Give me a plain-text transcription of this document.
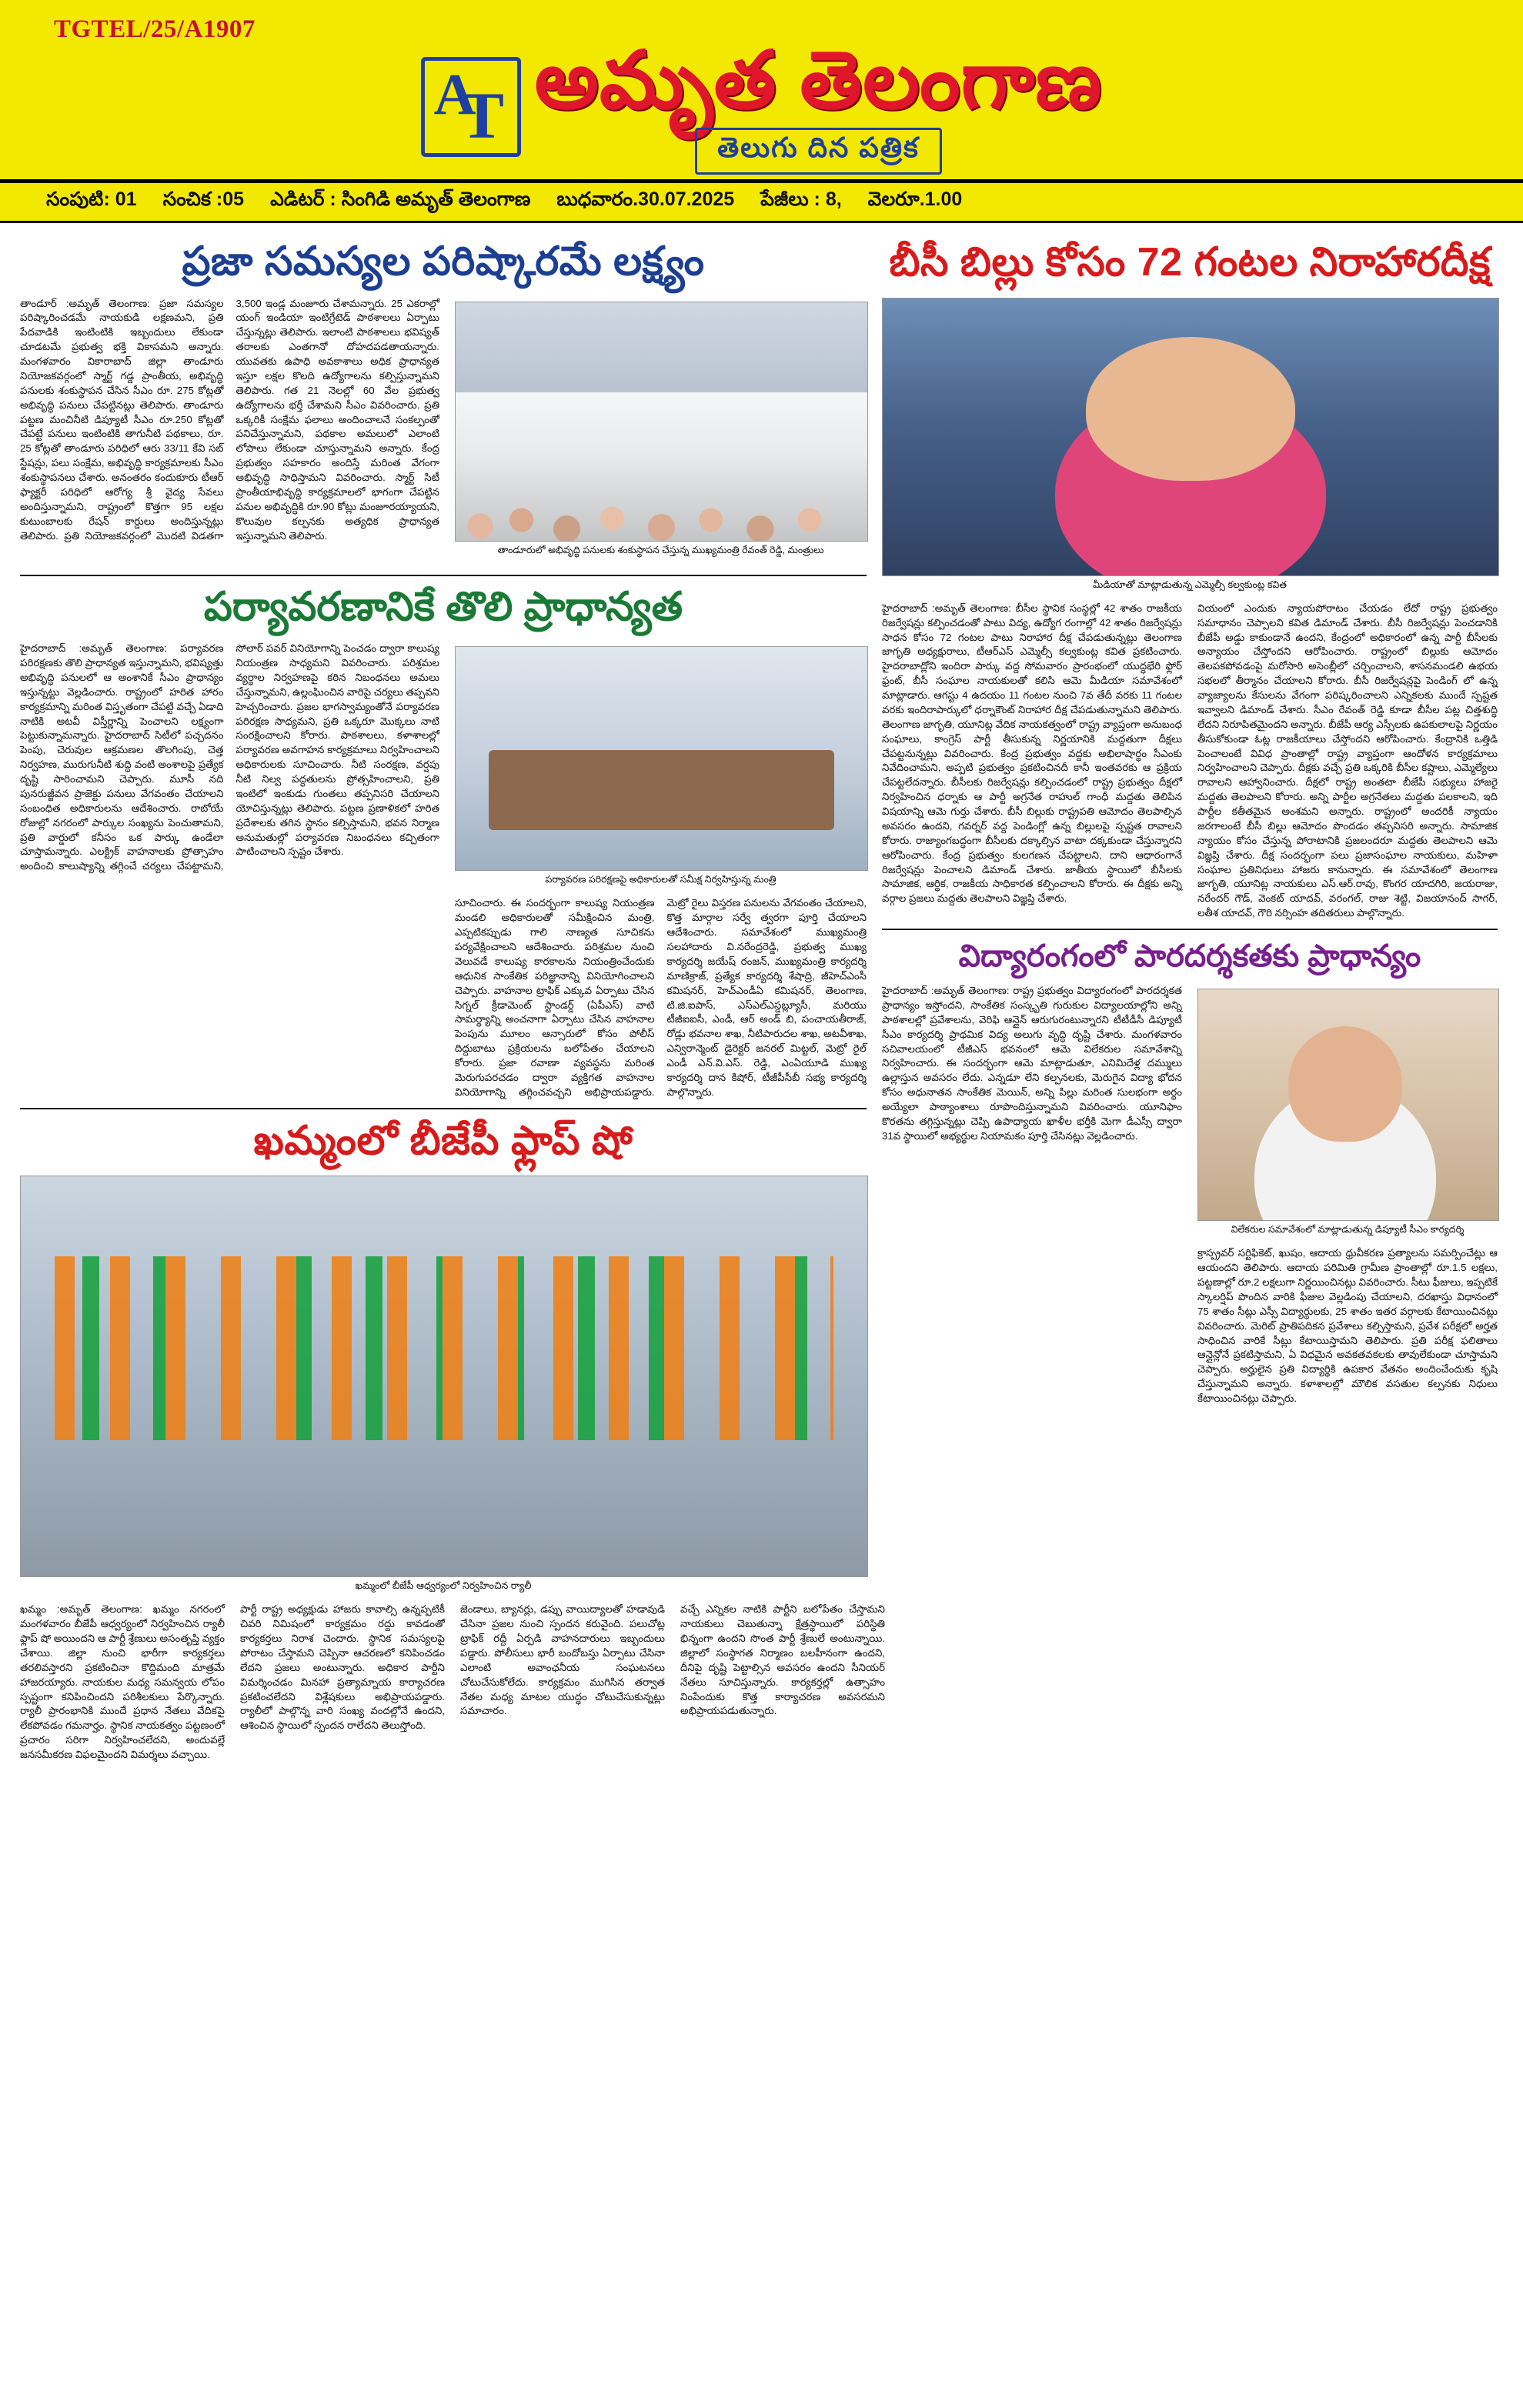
TGTEL/25/A1907
A
T అమృత తెలంగాణ
తెలుగు దిన పత్రిక
సంపుటి: 01 సంచిక :05 ఎడిటర్ : సింగిడి అమృత్ తెలంగాణ బుధవారం.30.07.2025 పేజీలు : 8, వెలరూ.1.00
ప్రజా సమస్యల పరిష్కారమే లక్ష్యం
తాండూర్ :అమృత్ తెలంగాణ: ప్రజా సమస్యల పరిష్కారించడమే నాయకుడి లక్షణమని, ప్రతి పేదవాడికి ఇంటింటికి ఇబ్బందులు లేకుండా చూడటమే ప్రభుత్వ భక్తి వికాసమని అన్నారు. మంగళవారం వికారాబాద్ జిల్లా తాండూరు నియోజకవర్గంలో స్మార్ట్ గడ్డ ప్రాంతీయ, అభివృద్ధి పనులకు శంకుస్థాపన చేసిన సీఎం రూ. 275 కోట్లతో అభివృద్ధి పనులు చేపట్టినట్లు తెలిపారు. తాండూరు పట్టణ మంచినీటి డిప్యూటీ సీఎం రూ.250 కోట్లతో చేపట్టే పనులు ఇంటింటికి తాగునీటి పథకాలు, రూ. 25 కోట్లతో తాండూరు పరిధిలో ఆరు 33/11 కేవి సబ్ స్టేషన్లు, పలు సంక్షేమ, అభివృద్ధి కార్యక్రమాలకు సీఎం శంకుస్థాపనలు చేశారు. అనంతరం కందుకూరు టీఆర్ ఫ్యాక్టరీ పరిధిలో ఆరోగ్య శ్రీ వైద్య సేవలు అందిస్తున్నామని, రాష్ట్రంలో కొత్తగా 95 లక్షల కుటుంబాలకు రేషన్ కార్డులు అందిస్తున్నట్లు తెలిపారు. ప్రతి నియోజకవర్గంలో మొదటి విడతగా 3,500 ఇండ్ల మంజూరు చేశామన్నారు. 25 ఎకరాల్లో యంగ్ ఇండియా ఇంటిగ్రేటెడ్ పాఠశాలలు ఏర్పాటు చేస్తున్నట్లు తెలిపారు. ఇలాంటి పాఠశాలలు భవిష్యత్ తరాలకు ఎంతగానో దోహదపడతాయన్నారు. యువతకు ఉపాధి అవకాశాలు అధిక ప్రాధాన్యత ఇస్తూ లక్షల కొలది ఉద్యోగాలను కల్పిస్తున్నామని తెలిపారు. గత 21 నెలల్లో 60 వేల ప్రభుత్వ ఉద్యోగాలను భర్తీ చేశామని సీఎం వివరించారు. ప్రతి ఒక్కరికీ సంక్షేమ ఫలాలు అందించాలనే సంకల్పంతో పనిచేస్తున్నామని, పథకాల అమలులో ఎలాంటి లోపాలు లేకుండా చూస్తున్నామని అన్నారు. కేంద్ర ప్రభుత్వం సహకారం అందిస్తే మరింత వేగంగా అభివృద్ధి సాధిస్తామని వివరించారు. స్మార్ట్ సిటీ ప్రాంతీయాభివృద్ధి కార్యక్రమాలలో భాగంగా చేపట్టిన పనుల అభివృద్ధికి రూ.90 కోట్లు మంజూరయ్యాయని, కొలువుల కల్పనకు అత్యధిక ప్రాధాన్యత ఇస్తున్నామని తెలిపారు.
తాండూరులో అభివృద్ధి పనులకు శంకుస్థాపన చేస్తున్న ముఖ్యమంత్రి రేవంత్ రెడ్డి, మంత్రులు
పర్యావరణానికే తొలి ప్రాధాన్యత
హైదరాబాద్ :అమృత్ తెలంగాణ: పర్యావరణ పరిరక్షణకు తొలి ప్రాధాన్యత ఇస్తున్నామని, భవిష్యత్తు అభివృద్ధి పనులలో ఆ అంశానికే సీఎం ప్రాధాన్యం ఇస్తున్నట్టు వెల్లడించారు. రాష్ట్రంలో హరిత హారం కార్యక్రమాన్ని మరింత విస్తృతంగా చేపట్టి వచ్చే ఏడాది నాటికి అటవీ విస్తీర్ణాన్ని పెంచాలని లక్ష్యంగా పెట్టుకున్నామన్నారు. హైదరాబాద్ సిటీలో పచ్చదనం పెంపు, చెరువుల ఆక్రమణల తొలగింపు, చెత్త నిర్వహణ, మురుగునీటి శుద్ధి వంటి అంశాలపై ప్రత్యేక దృష్టి సారించామని చెప్పారు. మూసీ నది పునరుజ్జీవన ప్రాజెక్టు పనులు వేగవంతం చేయాలని సంబంధిత అధికారులను ఆదేశించారు. రాబోయే రోజుల్లో నగరంలో పార్కుల సంఖ్యను పెంచుతామని, ప్రతి వార్డులో కనీసం ఒక పార్కు ఉండేలా చూస్తామన్నారు. ఎలక్ట్రిక్ వాహనాలకు ప్రోత్సాహం అందించి కాలుష్యాన్ని తగ్గించే చర్యలు చేపట్టామని, సోలార్ పవర్ వినియోగాన్ని పెంచడం ద్వారా కాలుష్య నియంత్రణ సాధ్యమని వివరించారు. పరిశ్రమల వ్యర్థాల నిర్వహణపై కఠిన నిబంధనలు అమలు చేస్తున్నామని, ఉల్లంఘించిన వారిపై చర్యలు తప్పవని హెచ్చరించారు. ప్రజల భాగస్వామ్యంతోనే పర్యావరణ పరిరక్షణ సాధ్యమని, ప్రతి ఒక్కరూ మొక్కలు నాటి సంరక్షించాలని కోరారు. పాఠశాలలు, కళాశాలల్లో పర్యావరణ అవగాహన కార్యక్రమాలు నిర్వహించాలని అధికారులకు సూచించారు. నీటి సంరక్షణ, వర్షపు నీటి నిల్వ పద్ధతులను ప్రోత్సహించాలని, ప్రతి ఇంటిలో ఇంకుడు గుంతలు తప్పనిసరి చేయాలని యోచిస్తున్నట్లు తెలిపారు. పట్టణ ప్రణాళికలో హరిత ప్రదేశాలకు తగిన స్థానం కల్పిస్తామని, భవన నిర్మాణ అనుమతుల్లో పర్యావరణ నిబంధనలు కచ్చితంగా పాటించాలని స్పష్టం చేశారు.
పర్యావరణ పరిరక్షణపై అధికారులతో సమీక్ష నిర్వహిస్తున్న మంత్రి
సూచించారు. ఈ సందర్భంగా కాలుష్య నియంత్రణ మండలి అధికారులతో సమీక్షించిన మంత్రి, ఎప్పటికప్పుడు గాలి నాణ్యత సూచికను పర్యవేక్షించాలని ఆదేశించారు. పరిశ్రమల నుంచి వెలువడే కాలుష్య కారకాలను నియంత్రించేందుకు ఆధునిక సాంకేతిక పరిజ్ఞానాన్ని వినియోగించాలని చెప్పారు. వాహనాల ట్రాఫిక్ ఎక్కువ ఏర్పాటు చేసిన సిగ్నల్ క్రీడామెంట్ స్టాండర్డ్ (ఏపీఎస్) వాటి సామర్థ్యాన్ని అంచనాగా ఏర్పాటు చేసిన వాహనాల పెంపును మూలం ఆన్సారులో కోసం పోలీస్ దిద్దుబాటు ప్రక్రియలను బలోపేతం చేయాలని కోరారు. ప్రజా రవాణా వ్యవస్థను మరింత మెరుగుపరచడం ద్వారా వ్యక్తిగత వాహనాల వినియోగాన్ని తగ్గించవచ్చని అభిప్రాయపడ్డారు. మెట్రో రైలు విస్తరణ పనులను వేగవంతం చేయాలని, కొత్త మార్గాల సర్వే త్వరగా పూర్తి చేయాలని ఆదేశించారు. సమావేశంలో ముఖ్యమంత్రి సలహాదారు వి.నరేంద్రరెడ్డి, ప్రభుత్వ ముఖ్య కార్యదర్శి జయేష్ రంజన్, ముఖ్యమంత్రి కార్యదర్శి మాణిక్రాజ్, ప్రత్యేక కార్యదర్శి శేషాద్రి, జీహెచ్ఎంసీ కమిషనర్, హెచ్ఎండీఏ కమిషనర్, తెలంగాణ, టి.జి.ఐపాస్, ఎస్ఎల్ఎస్డబ్ల్యూసీ, మరియు టీజీఐఐసీ, ఎండీ, ఆర్ అండ్ బి, పంచాయతీరాజ్, రోడ్లు భవనాల శాఖ, నీటిపారుదల శాఖ, అటవీశాఖ, ఎన్విరాన్మెంట్ డైరెక్టర్ జనరల్ మిట్టల్, మెట్రో రైల్ ఎండీ ఎన్.వి.ఎస్. రెడ్డి, ఎంఏయూడి ముఖ్య కార్యదర్శి దాన కిషోర్, టీజీపీసీబీ సభ్య కార్యదర్శి పాల్గొన్నారు.
ఖమ్మంలో బీజేపీ ఫ్లాప్ షో
ఖమ్మంలో బీజేపీ ఆధ్వర్యంలో నిర్వహించిన ర్యాలీ
ఖమ్మం :అమృత్ తెలంగాణ: ఖమ్మం నగరంలో మంగళవారం బీజేపీ ఆధ్వర్యంలో నిర్వహించిన ర్యాలీ ఫ్లాప్ షో అయిందని ఆ పార్టీ శ్రేణులు అసంతృప్తి వ్యక్తం చేశాయి. జిల్లా నుంచి భారీగా కార్యకర్తలు తరలివస్తారని ప్రకటించినా కొద్దిమంది మాత్రమే హాజరయ్యారు. నాయకుల మధ్య సమన్వయ లోపం స్పష్టంగా కనిపించిందని పరిశీలకులు పేర్కొన్నారు. ర్యాలీ ప్రారంభానికి ముందే ప్రధాన నేతలు వేదికపై లేకపోవడం గమనార్హం. స్థానిక నాయకత్వం పట్టణంలో ప్రచారం సరిగా నిర్వహించలేదని, అందువల్లే జనసమీకరణ విఫలమైందని విమర్శలు వచ్చాయి.
పార్టీ రాష్ట్ర అధ్యక్షుడు హాజరు కావాల్సి ఉన్నప్పటికీ చివరి నిమిషంలో కార్యక్రమం రద్దు కావడంతో కార్యకర్తలు నిరాశ చెందారు. స్థానిక సమస్యలపై పోరాటం చేస్తామని చెప్పినా ఆచరణలో కనిపించడం లేదని ప్రజలు అంటున్నారు. అధికార పార్టీని విమర్శించడం మినహా ప్రత్యామ్నాయ కార్యాచరణ ప్రకటించలేదని విశ్లేషకులు అభిప్రాయపడ్డారు. ర్యాలీలో పాల్గొన్న వారి సంఖ్య వందల్లోనే ఉందని, ఆశించిన స్థాయిలో స్పందన రాలేదని తెలుస్తోంది.
జెండాలు, బ్యానర్లు, డప్పు వాయిద్యాలతో హడావుడి చేసినా ప్రజల నుంచి స్పందన కరువైంది. పలుచోట్ల ట్రాఫిక్ రద్దీ ఏర్పడి వాహనదారులు ఇబ్బందులు పడ్డారు. పోలీసులు భారీ బందోబస్తు ఏర్పాటు చేసినా ఎలాంటి అవాంఛనీయ సంఘటనలు చోటుచేసుకోలేదు. కార్యక్రమం ముగిసిన తర్వాత నేతల మధ్య మాటల యుద్ధం చోటుచేసుకున్నట్లు సమాచారం.
వచ్చే ఎన్నికల నాటికి పార్టీని బలోపేతం చేస్తామని నాయకులు చెబుతున్నా క్షేత్రస్థాయిలో పరిస్థితి భిన్నంగా ఉందని సొంత పార్టీ శ్రేణులే అంటున్నాయి. జిల్లాలో సంస్థాగత నిర్మాణం బలహీనంగా ఉందని, దీనిపై దృష్టి పెట్టాల్సిన అవసరం ఉందని సీనియర్ నేతలు సూచిస్తున్నారు. కార్యకర్తల్లో ఉత్సాహం నింపేందుకు కొత్త కార్యాచరణ అవసరమని అభిప్రాయపడుతున్నారు.
బీసీ బిల్లు కోసం 72 గంటల నిరాహారదీక్ష
మీడియాతో మాట్లాడుతున్న ఎమ్మెల్సీ కల్వకుంట్ల కవిత
హైదరాబాద్ :అమృత్ తెలంగాణ: బీసీల స్థానిక సంస్థల్లో 42 శాతం రాజకీయ రిజర్వేషన్లు కల్పించడంతో పాటు విద్య, ఉద్యోగ రంగాల్లో 42 శాతం రిజర్వేషన్లు సాధన కోసం 72 గంటల పాటు నిరాహార దీక్ష చేపడుతున్నట్లు తెలంగాణ జాగృతి అధ్యక్షురాలు, టీఆర్ఎస్ ఎమ్మెల్సీ కల్వకుంట్ల కవిత ప్రకటించారు. హైదరాబాద్లోని ఇందిరా పార్కు వద్ద సోమవారం ప్రారంభంలో యుద్ధభేరి ఫ్లోర్ ఫ్రంట్, బీసీ సంఘాల నాయకులతో కలిసి ఆమె మీడియా సమావేశంలో మాట్లాడారు. ఆగస్టు 4 ఉదయం 11 గంటల నుంచి 7వ తేదీ వరకు 11 గంటల వరకు ఇందిరాపార్కులో ధర్నాకౌంట్ నిరాహార దీక్ష చేపడుతున్నామని తెలిపారు. తెలంగాణ జాగృతి, యూనిట్ల వేదిక నాయకత్వంలో రాష్ట్ర వ్యాప్తంగా అనుబంధ సంఘాలు, కాంగ్రెస్ పార్టీ తీసుకున్న నిర్ణయానికి మద్దతుగా దీక్షలు చేపట్టనున్నట్లు వివరించారు. కేంద్ర ప్రభుత్వం వద్దకు అభిలాషార్థం సీఎంకు నివేదించామని, అప్పటి ప్రభుత్వం ప్రకటించినదీ కానీ ఇంతవరకు ఆ ప్రక్రియ చేపట్టలేదన్నారు. బీసీలకు రిజర్వేషన్లు కల్పించడంలో రాష్ట్ర ప్రభుత్వం దీక్షలో నిర్వహించిన ధర్నాకు ఆ పార్టీ అగ్రనేత రాహుల్ గాంధీ మద్దతు తెలిపిన విషయాన్ని ఆమె గుర్తు చేశారు. బీసీ బిల్లుకు రాష్ట్రపతి ఆమోదం తెలపాల్సిన అవసరం ఉందని, గవర్నర్ వద్ద పెండింగ్లో ఉన్న బిల్లులపై స్పష్టత రావాలని కోరారు. రాజ్యాంగబద్ధంగా బీసీలకు దక్కాల్సిన వాటా దక్కకుండా చేస్తున్నారని ఆరోపించారు. కేంద్ర ప్రభుత్వం కులగణన చేపట్టాలని, దాని ఆధారంగానే రిజర్వేషన్లు పెంచాలని డిమాండ్ చేశారు. జాతీయ స్థాయిలో బీసీలకు సామాజిక, ఆర్థిక, రాజకీయ సాధికారత కల్పించాలని కోరారు. ఈ దీక్షకు అన్ని వర్గాల ప్రజలు మద్దతు తెలపాలని విజ్ఞప్తి చేశారు.
వియంలో ఎందుకు న్యాయపోరాటం చేయడం లేదో రాష్ట్ర ప్రభుత్వం సమాధానం చెప్పాలని కవిత డిమాండ్ చేశారు. బీసీ రిజర్వేషన్లు పెంచడానికి బీజేపీ అడ్డు కాకుండానే ఉందని, కేంద్రంలో అధికారంలో ఉన్న పార్టీ బీసీలకు అన్యాయం చేస్తోందని ఆరోపించారు. రాష్ట్రంలో బిల్లుకు ఆమోదం తెలపకపోవడంపై మరోసారి అసెంబ్లీలో చర్చించాలని, శాసనమండలి ఉభయ సభలలో తీర్మానం చేయాలని కోరారు. బీసీ రిజర్వేషన్లపై పెండింగ్ లో ఉన్న వ్యాజ్యాలను కేసులను వేగంగా పరిష్కరించాలని ఎన్నికలకు ముందే స్పష్టత ఇవ్వాలని డిమాండ్ చేశారు. సీఎం రేవంత్ రెడ్డి కూడా బీసీల పట్ల చిత్తశుద్ధి లేదని నిరూపితమైందని అన్నారు. బీజేపీ ఆర్య ఎస్సీలకు ఉపకులాలపై నిర్ణయం తీసుకోకుండా ఓట్ల రాజకీయాలు చేస్తోందని ఆరోపించారు. కేంద్రానికి ఒత్తిడి పెంచాలంటే వివిధ ప్రాంతాల్లో రాష్ట్ర వ్యాప్తంగా ఆందోళన కార్యక్రమాలు నిర్వహించాలని చెప్పారు. దీక్షకు వచ్చే ప్రతి ఒక్కరికి బీసీల కష్టాలు, ఎమ్మెల్యేలు రావాలని ఆహ్వానించారు. దీక్షలో రాష్ట్ర అంతటా బీజేపీ సభ్యులు హాజరై మద్దతు తెలపాలని కోరారు. అన్ని పార్టీల అగ్రనేతలు మద్దతు పలకాలని, ఇది పార్టీల కతీతమైన అంశమని అన్నారు. రాష్ట్రంలో అందరికీ న్యాయం జరగాలంటే బీసీ బిల్లు ఆమోదం పొందడం తప్పనిసరి అన్నారు. సామాజిక న్యాయం కోసం చేస్తున్న పోరాటానికి ప్రజలందరూ మద్దతు తెలపాలని ఆమె విజ్ఞప్తి చేశారు. దీక్ష సందర్భంగా పలు ప్రజాసంఘాల నాయకులు, మహిళా సంఘాల ప్రతినిధులు హాజరు కానున్నారు. ఈ సమావేశంలో తెలంగాణ జాగృతి, యూనిట్ల నాయకులు ఎస్.ఆర్.రావు, కొంగర యాదగిరి, జయరాజు, నరేందర్ గౌడ్, వెంకట్ యాదవ్, వరంగల్, రాజు శెట్టి, విజయానంద్ సాగర్, లతీశ యాదవ్, గౌరి నర్సింహ తదితరులు పాల్గొన్నారు.
విద్యారంగంలో పారదర్శకతకు ప్రాధాన్యం
హైదరాబాద్ :అమృత్ తెలంగాణ: రాష్ట్ర ప్రభుత్వం విద్యారంగంలో పారదర్శకత ప్రాధాన్యం ఇస్తోందని, సాంకేతిక సంస్కృతి గురుకుల విద్యాలయాల్లోని అన్ని పాఠశాలల్లో ప్రవేశాలను, వెరిఫి ఆన్లైన్ ఆరుగురంటున్నారని టీటీడీసీ డిప్యూటీ సీఎం కార్యదర్శి ప్రాథమిక విద్య అలుగు వృద్ధి దృష్టి చేశారు. మంగళవారం సచివాలయంలో టీజీఎస్ భవనంలో ఆమె విలేకరుల సమావేశాన్ని నిర్వహించారు. ఈ సందర్భంగా ఆమె మాట్లాడుతూ, ఎనిమిదేళ్ల దమ్ములు ఉల్లాస్తున అవసరం లేదు. ఎన్నడూ లేని కల్పనలకు, మెరుగైన విద్యా భోదన కోసం అధునాతన సాంకేతిక మెయిన్, అన్ని పిల్లు మరింత సులభంగా అర్థం అయ్యేలా పాఠ్యాంశాలు రూపొందిస్తున్నామని వివరించారు. యూనిఫాం కొరతను తగ్గిస్తున్నట్లు చెప్పి ఉపాధ్యాయ ఖాళీల భర్తీకి మెగా డీఎస్సీ ద్వారా 31వ స్థాయిలో అభ్యర్థుల నియామకం పూర్తి చేసినట్లు వెల్లడించారు.
విలేకరుల సమావేశంలో మాట్లాడుతున్న డిప్యూటీ సీఎం కార్యదర్శి
క్రాస్ప్రవర్ సర్టిఫికెట్, ఖుషం, ఆదాయ ధ్రువీకరణ ప్రత్యాలను సమర్పించేట్లు ఆ ఆయందని తెలిపారు. ఆదాయ పరిమితి గ్రామీణ ప్రాంతాల్లో రూ.1.5 లక్షలు, పట్టణాల్లో రూ.2 లక్షలుగా నిర్ణయించినట్లు వివరించారు. సీటు ఫీజులు, ఇప్పటికే స్కాలర్షిప్ పొందిన వారికి ఫీజుల వెల్లడింపు చేయాలని, దరఖాస్తు విధానంలో 75 శాతం సీట్లు ఎస్సీ విద్యార్థులకు, 25 శాతం ఇతర వర్గాలకు కేటాయించినట్లు వివరించారు. మెరిట్ ప్రాతిపదికన ప్రవేశాలు కల్పిస్తామని, ప్రవేశ పరీక్షలో అర్హత సాధించిన వారికే సీట్లు కేటాయిస్తామని తెలిపారు. ప్రతి పరీక్ష ఫలితాలు ఆన్లైన్లోనే ప్రకటిస్తామని, ఏ విధమైన అవకతవకలకు తావులేకుండా చూస్తామని చెప్పారు. అర్హులైన ప్రతి విద్యార్థికి ఉపకార వేతనం అందించేందుకు కృషి చేస్తున్నామని అన్నారు. కళాశాలల్లో మౌలిక వసతుల కల్పనకు నిధులు కేటాయించినట్లు చెప్పారు.
